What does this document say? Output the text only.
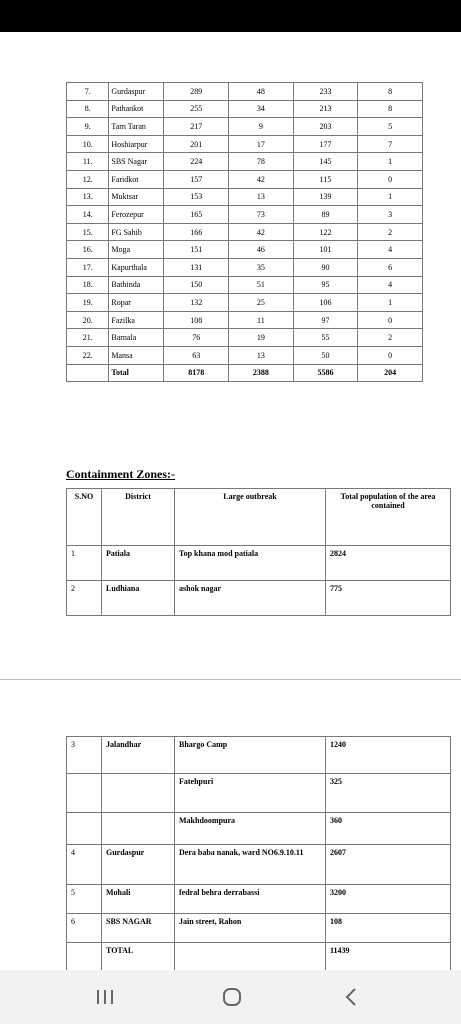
7.	Gurdaspur	289	48	233	8
8.	Pathankot	255	34	213	8
9.	Tarn Taran	217	9	203	5
10.	Hoshiarpur	201	17	177	7
11.	SBS Nagar	224	78	145	1
12.	Faridkot	157	42	115	0
13.	Muktsar	153	13	139	1
14.	Ferozepur	165	73	89	3
15.	FG Sahib	166	42	122	2
16.	Moga	151	46	101	4
17.	Kapurthala	131	35	90	6
18.	Bathinda	150	51	95	4
19.	Ropar	132	25	106	1
20.	Fazilka	108	11	97	0
21.	Barnala	76	19	55	2
22.	Mansa	63	13	50	0
	Total	8178	2388	5586	204
Containment Zones:-
S.NO	District	Large outbreak	Total population of the area contained
1	Patiala	Top khana mod patiala	2824
2	Ludhiana	ashok nagar	775
3	Jalandhar	Bhargo Camp	1240
		Fatehpuri	325
		Makhdoompura	360
4	Gurdaspur	Dera baba nanak, ward NO6.9.10.11	2607
5	Mohali	fedral behra derrabassi	3200
6	SBS NAGAR	Jain street, Rahon	108
	TOTAL		11439
